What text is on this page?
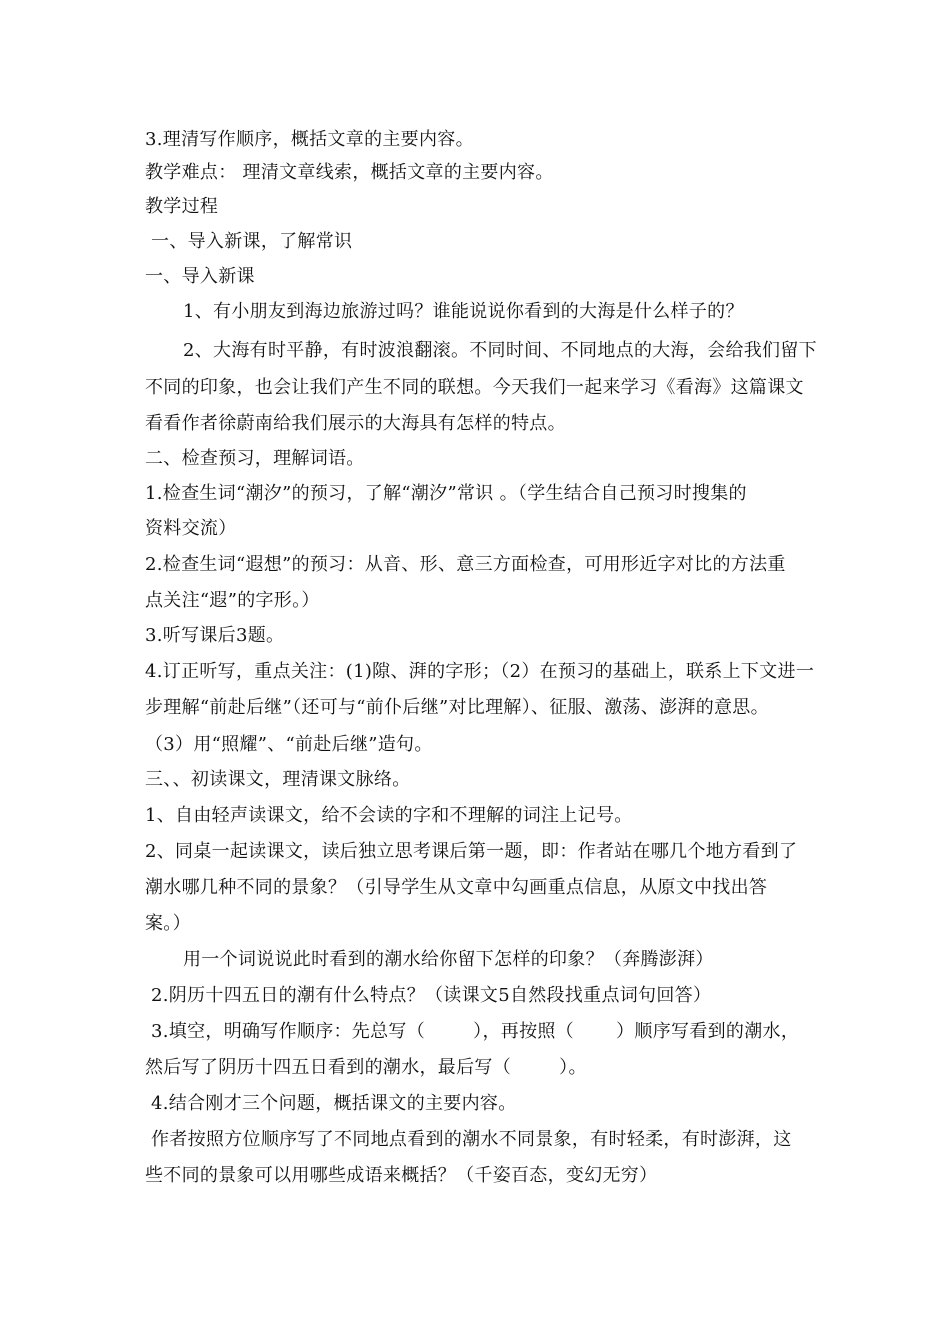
3.理清写作顺序，概括文章的主要内容。
教学难点： 理清文章线索，概括文章的主要内容。
教学过程
一、导入新课，了解常识
一、导入新课
1、有小朋友到海边旅游过吗？谁能说说你看到的大海是什么样子的？
2、大海有时平静，有时波浪翻滚。不同时间、不同地点的大海，会给我们留下
不同的印象，也会让我们产生不同的联想。今天我们一起来学习《看海》这篇课文
看看作者徐蔚南给我们展示的大海具有怎样的特点。
二、检查预习，理解词语。
1.检查生词“潮汐”的预习，了解“潮汐”常识 。（学生结合自己预习时搜集的
资料交流）
2.检查生词“遐想”的预习：从音、形、意三方面检查，可用形近字对比的方法重
点关注“遐”的字形。）
3.听写课后3题。
4.订正听写，重点关注：(1)隙、湃的字形；（2）在预习的基础上，联系上下文进一
步理解“前赴后继”（还可与“前仆后继”对比理解）、征服、激荡、澎湃的意思。
（3）用“照耀”、“前赴后继”造句。
三、、初读课文，理清课文脉络。
1、自由轻声读课文，给不会读的字和不理解的词注上记号。
2、同桌一起读课文，读后独立思考课后第一题，即：作者站在哪几个地方看到了
潮水哪几种不同的景象？（引导学生从文章中勾画重点信息，从原文中找出答
案。）
用一个词说说此时看到的潮水给你留下怎样的印象？（奔腾澎湃）
2.阴历十四五日的潮有什么特点？（读课文5自然段找重点词句回答）
3.填空，明确写作顺序：先总写（        ），再按照（       ）顺序写看到的潮水，
然后写了阴历十四五日看到的潮水，最后写（        ）。
4.结合刚才三个问题，概括课文的主要内容。
作者按照方位顺序写了不同地点看到的潮水不同景象，有时轻柔，有时澎湃，这
些不同的景象可以用哪些成语来概括？（千姿百态，变幻无穷）
